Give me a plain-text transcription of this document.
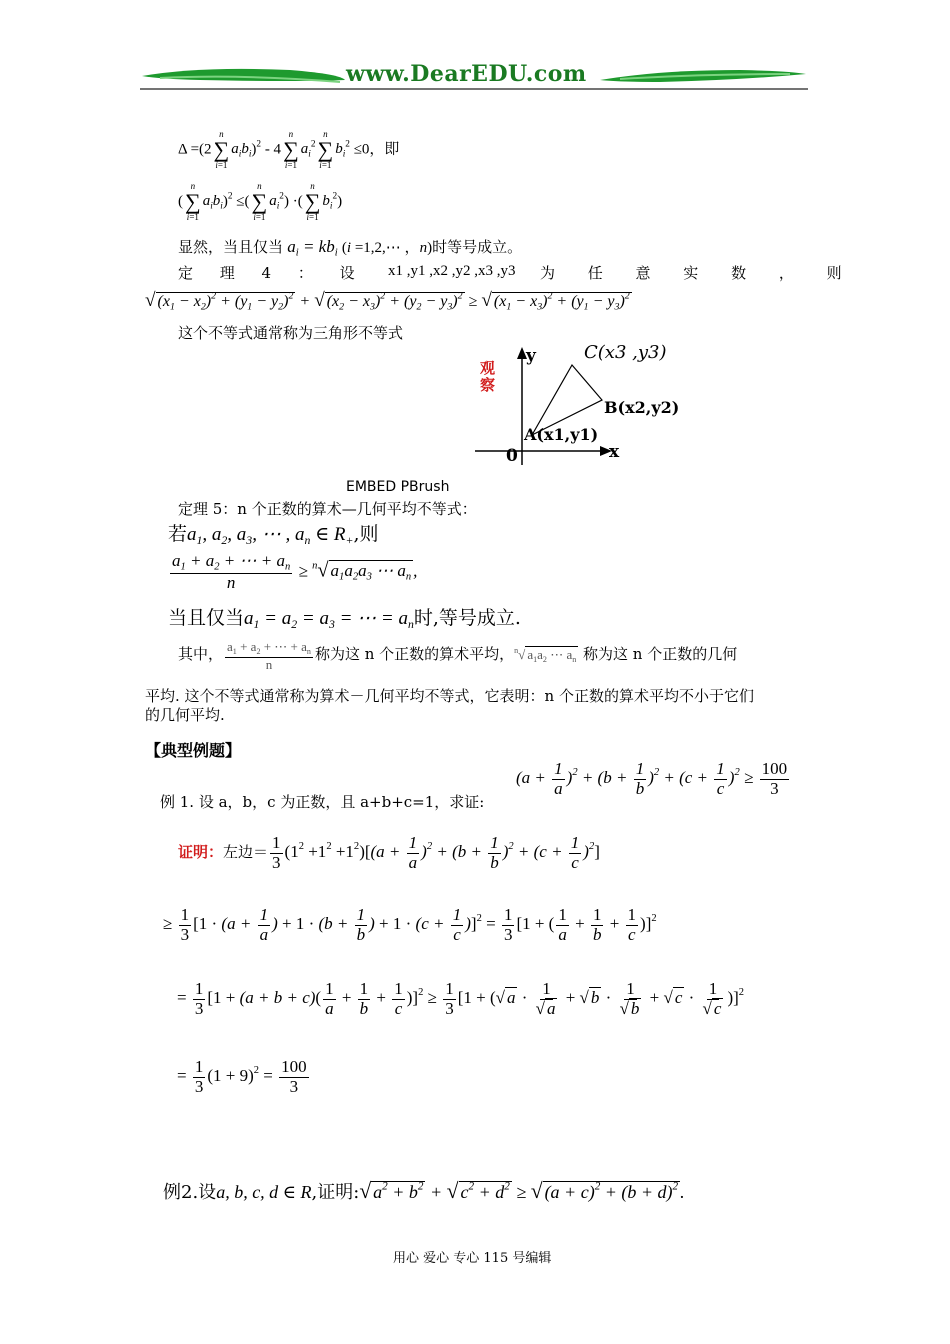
www.DearEDU.com
Δ =(2
n
∑
i=1
$a_ib_i)^2 - 4$
n
∑
i=1
$a_i^2$
n
∑
i=1
$b_i^2 \le 0$，即
(
n
∑
i=1
$a_ib_i)^2$ ≤(
n
∑
i=1
$a_i^2$) ·(
n
∑
i=1
$b_i^2$)
显然，当且仅当 $a_i = kb_i$ (i =1,2,⋯ ，n)时等号成立。
定 理 4 ： 设 x1 ,y1 ,x2 ,y2 ,x3 ,y3 为 任 意 实 数 ， 则
√ $(x_1 - x_2)^2 + (y_1 - y_2)^2$ + √ $(x_2 - x_3)^2 + (y_2 - y_3)^2$ ≥ √ $(x_1 - x_3)^2 + (y_1 - y_3)^2$
这个不等式通常称为三角形不等式
观察
y	C(x3 ,y3)
B(x2,y2)
A(x1,y1)
0	x
EMBED PBrush
定理 5：n 个正数的算术—几何平均不等式：
若$a_1$, $a_2$, $a_3$, ⋯ , $a_n$ ∈ $R_+$,则
$\frac{a_1 + a_2 + \cdots + a_n}{n} \ge ^n√$ $a_1a_2a_3$ ⋯ $a_n$ ,
当且仅当$a_1 = a_2 = a_3$ = ⋯ = $a_n$时,等号成立.
其中， $\frac{a_1 + a_2 + \cdots + a_n}{n}$ 称为这 n 个正数的算术平均，$^n$√ $a_1a_2$ ⋯ $a_n$ 称为这 n 个正数的几何
平均. 这个不等式通常称为算术－几何平均不等式，它表明：n 个正数的算术平均不小于它们
的几何平均.
【典型例题】
例 1. 设 a，b，c 为正数，且 a+b+c=1，求证:
$(a + \frac{1}{a} )^2 + (b + \frac{1}{b} )^2 + (c + \frac{1}{c} )^2 \ge \frac{100}{3}$
证明：左边＝ $\frac{1}{3} (1^2 +1^2 +1^2)[(a + \frac{1}{a} )^2 + (b + \frac{1}{b} )^2 + (c + \frac{1}{c} )^2]$
≥ $\frac{1}{3} [1 \cdot (a + \frac{1}{a}$ ) + $1 \cdot (b + \frac{1}{b}$ ) + $1 \cdot (c + \frac{1}{c} )]^2 = \frac{1}{3} [1$ + ( $\frac{1}{a} + \frac{1}{b} + \frac{1}{c} )]^2$
= $\frac{1}{3} [1 + (a + b + c)( \frac{1}{a} + \frac{1}{b} + \frac{1}{c} )]^2 \ge \frac{1}{3} [1$ + (√ $a \cdot \frac{1}{√ a}$ + √ $b \cdot \frac{1}{√ b}$ + √ $c \cdot \frac{1}{√ c} )]^2$
= $\frac{1}{3} (1 + 9)^2 = \frac{100}{3}$
例2.设a, b, c, d ∈ R,证明:√ $a^2 + b^2$ + √ $c^2 + d^2$ ≥ √ $(a + c)^2 + (b + d)^2$ .
用心 爱心 专心 115 号编辑
